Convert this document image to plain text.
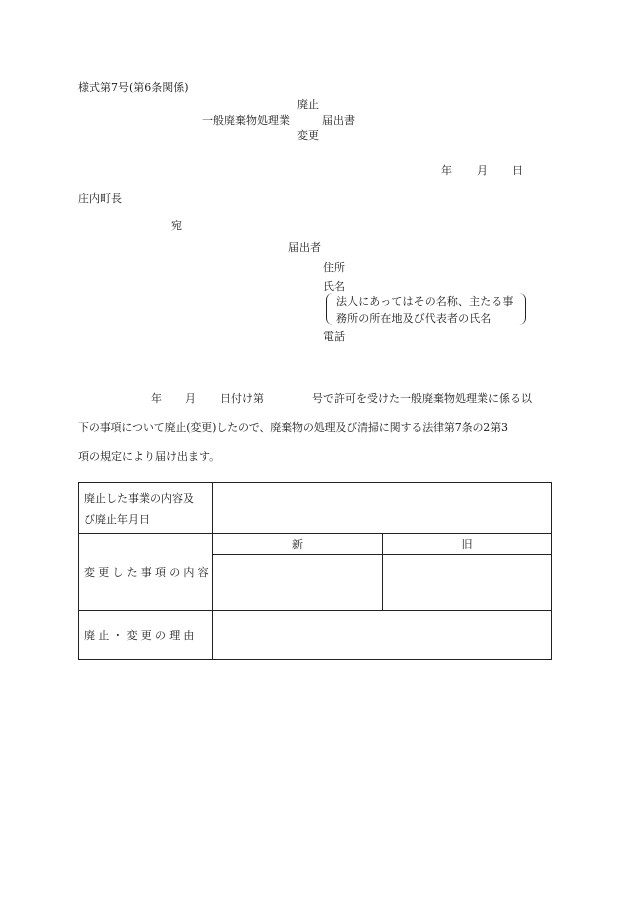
様式第7号(第6条関係)
廃止
一般廃棄物処理業	届出書
変更
年 月 日
庄内町長
宛
届出者
住所
氏名
法人にあってはその名称、主たる事
務所の所在地及び代表者の氏名
電話
年 月 日付け第	号で許可を受けた一般廃棄物処理業に係る以
下の事項について廃止(変更)したので、廃棄物の処理及び清掃に関する法律第7条の2第3
項の規定により届け出ます。
廃止した事業の内容及
び廃止年月日		

変更した事項の内容	新	旧

廃止・変更の理由		
